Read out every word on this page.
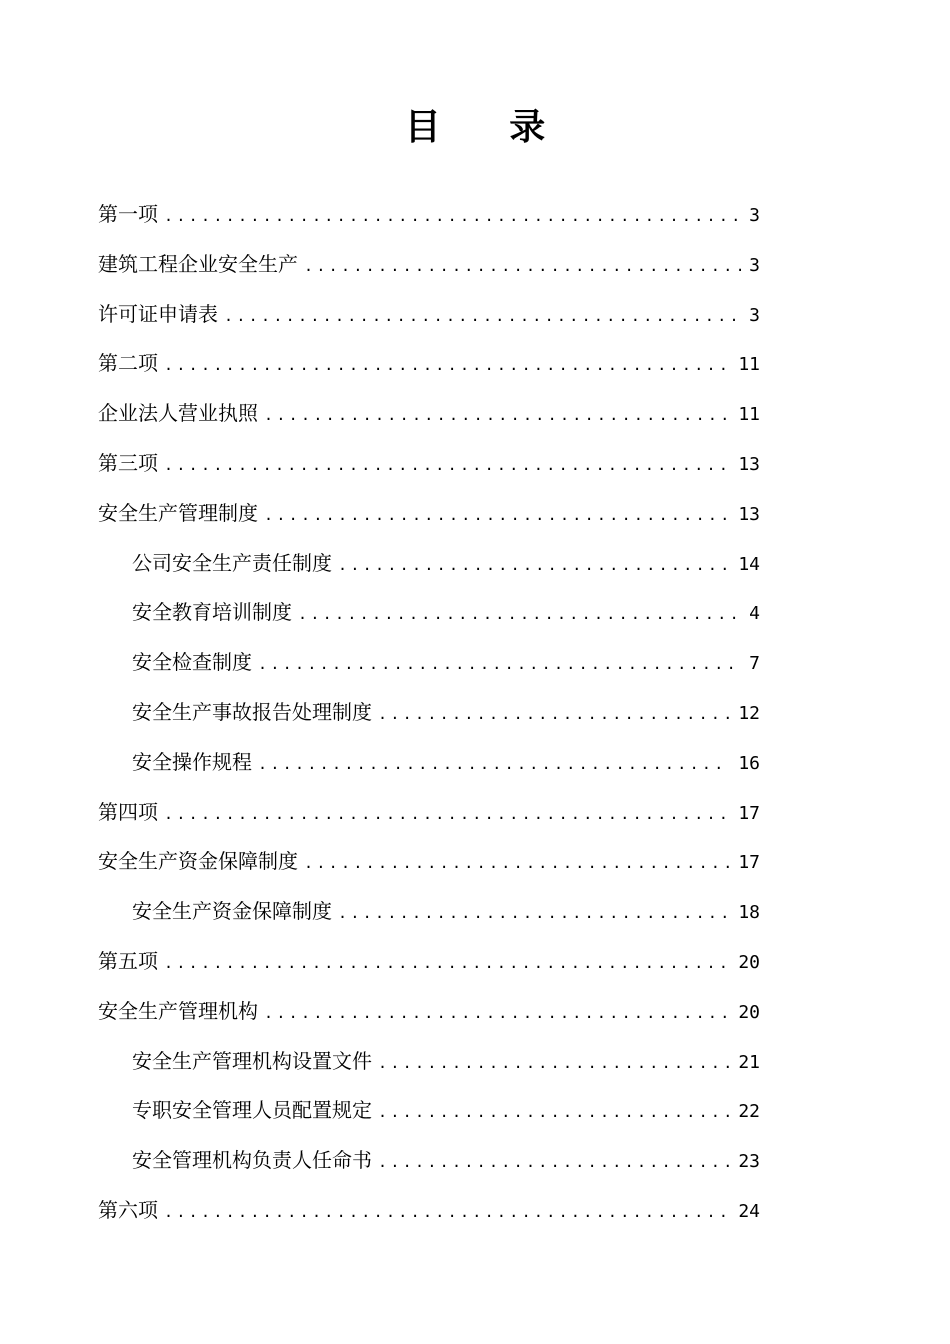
目 录
第一项 .....	3
建筑工程企业安全生产 .....	3
许可证申请表 .....	3
第二项 .....	11
企业法人营业执照 .....	11
第三项 .....	13
安全生产管理制度 .....	13
公司安全生产责任制度 .....	14
安全教育培训制度 .....	4
安全检查制度 .....	7
安全生产事故报告处理制度 .....	12
安全操作规程 .....	16
第四项 .....	17
安全生产资金保障制度 .....	17
安全生产资金保障制度 .....	18
第五项 .....	20
安全生产管理机构 .....	20
安全生产管理机构设置文件 .....	21
专职安全管理人员配置规定 .....	22
安全管理机构负责人任命书 .....	23
第六项 .....	24
